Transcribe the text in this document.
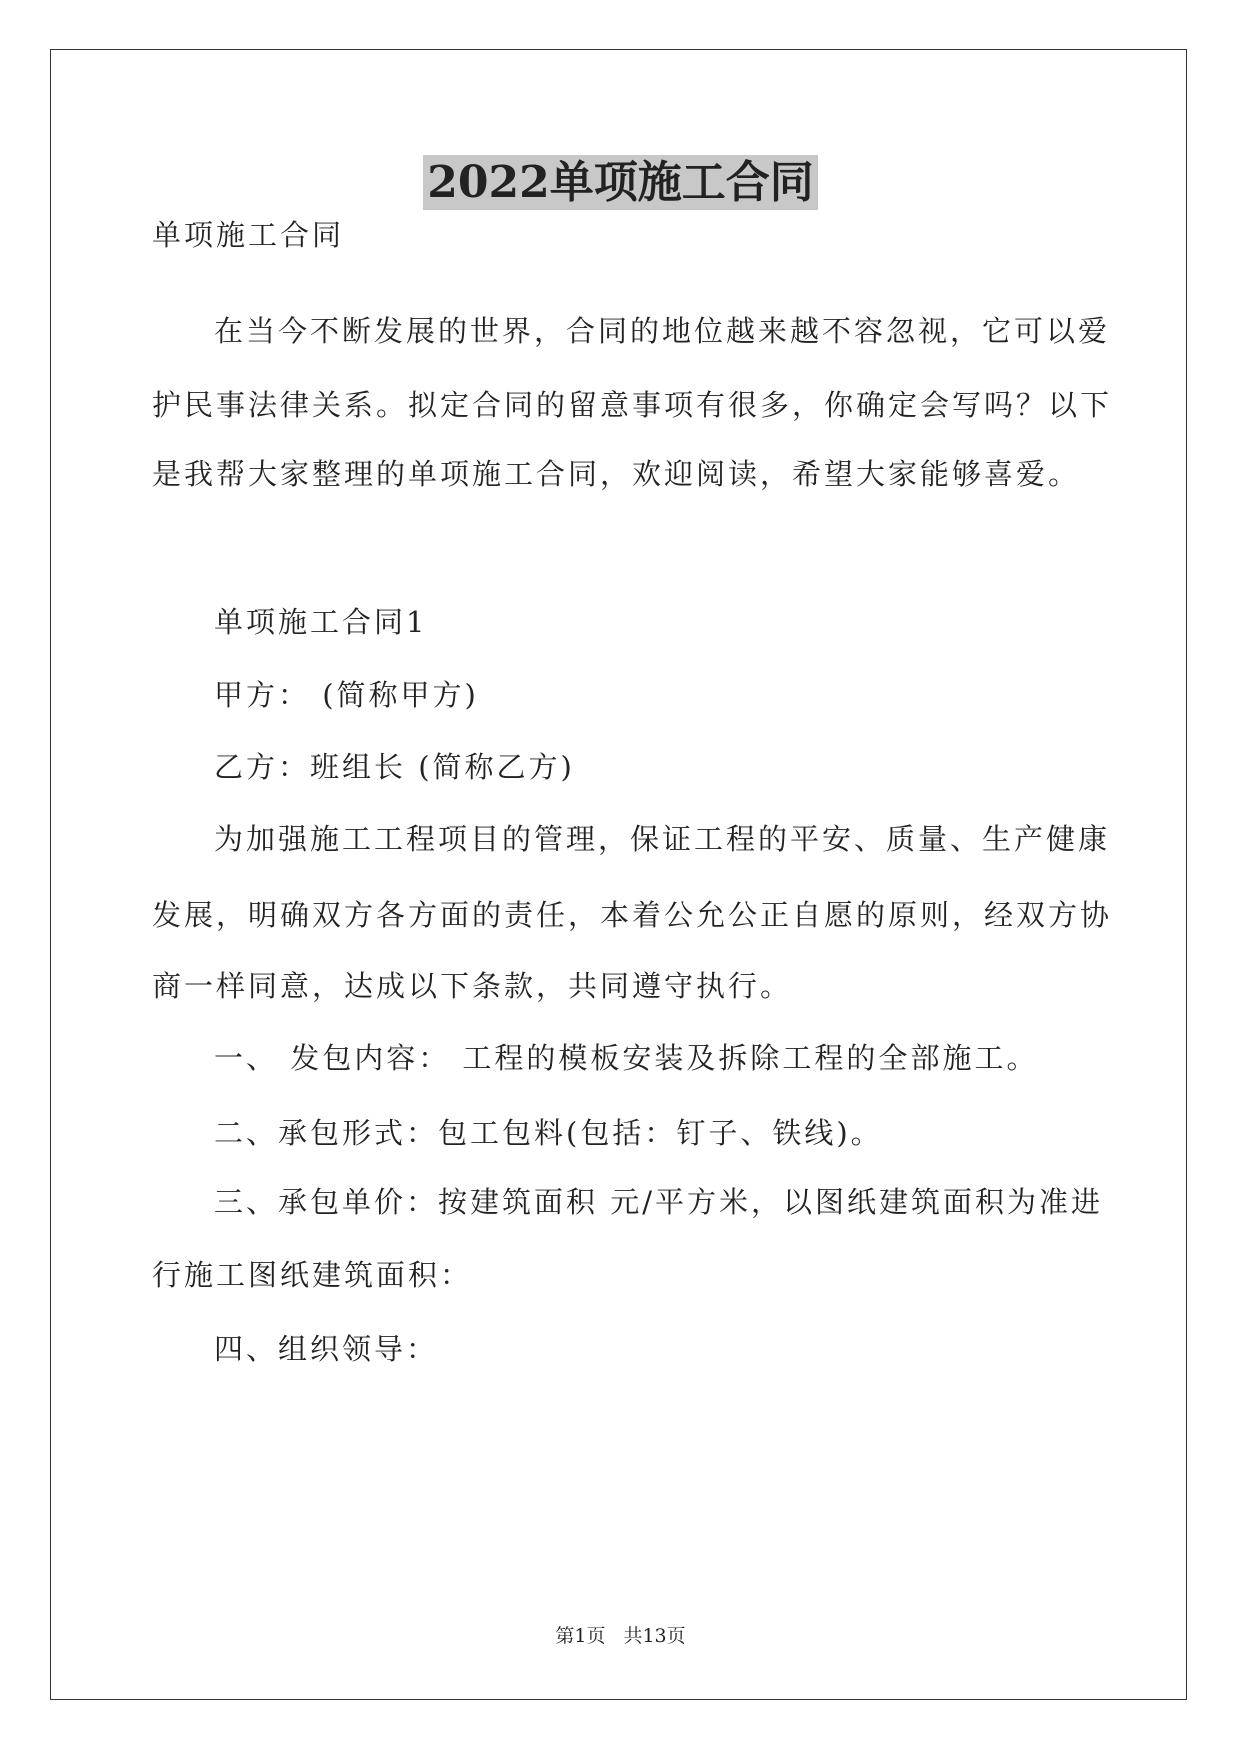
2022单项施工合同

单项施工合同

在当今不断发展的世界，合同的地位越来越不容忽视，它可以爱

护民事法律关系。拟定合同的留意事项有很多，你确定会写吗？以下

是我帮大家整理的单项施工合同，欢迎阅读，希望大家能够喜爱。

单项施工合同1

甲方： (简称甲方)

乙方：班组长 (简称乙方)

为加强施工工程项目的管理，保证工程的平安、质量、生产健康

发展，明确双方各方面的责任，本着公允公正自愿的原则，经双方协

商一样同意，达成以下条款，共同遵守执行。

一、 发包内容： 工程的模板安装及拆除工程的全部施工。

二、承包形式：包工包料(包括：钉子、铁线)。

三、承包单价：按建筑面积 元/平方米，以图纸建筑面积为准进

行施工图纸建筑面积：

四、组织领导：

第1页 共13页
